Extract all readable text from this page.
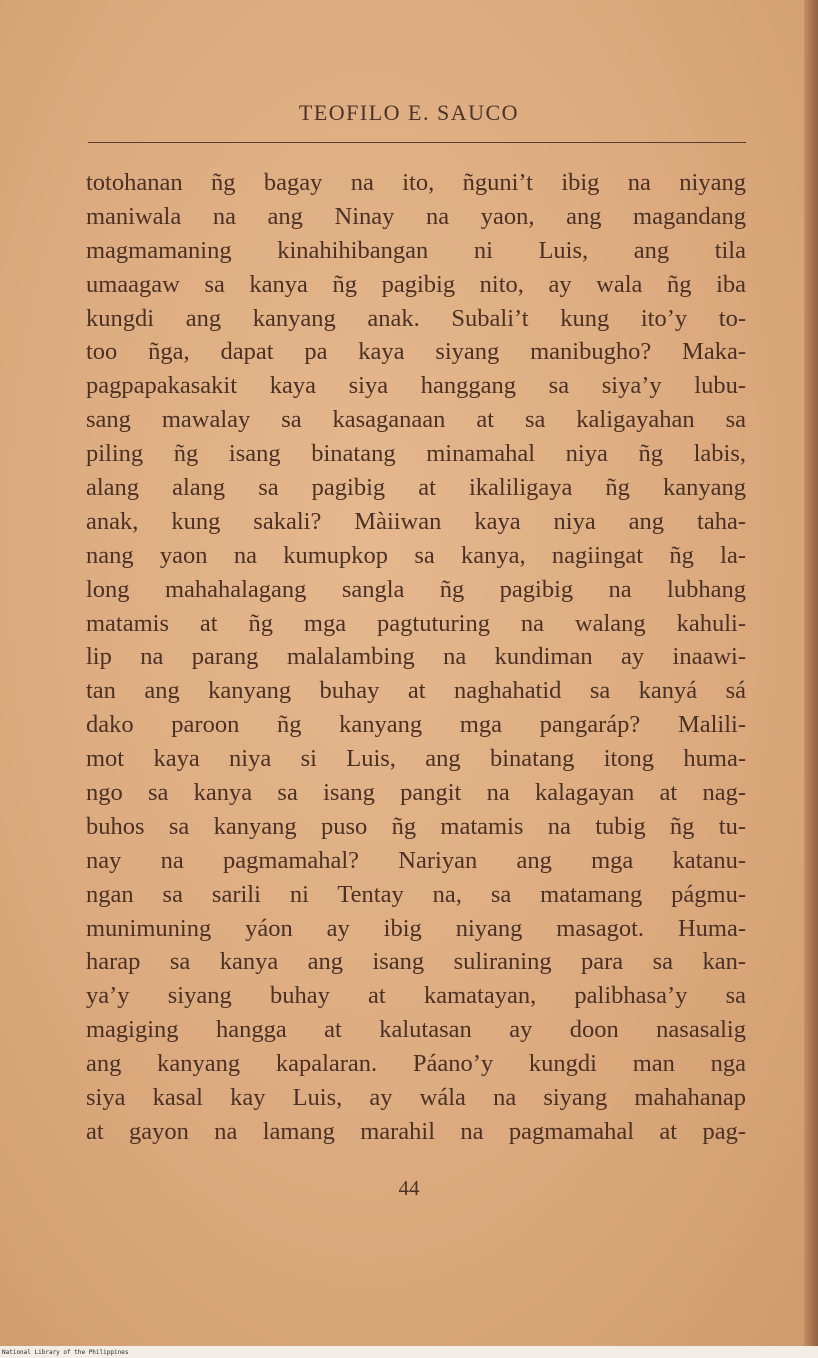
TEOFILO E. SAUCO
totohanan ñg bagay na ito, ñguni’t ibig na niyang
maniwala na ang Ninay na yaon, ang magandang
magmamaning kinahihibangan ni Luis, ang tila
umaagaw sa kanya ñg pagibig nito, ay wala ñg iba
kungdi ang kanyang anak. Subali’t kung ito’y to-
too ñga, dapat pa kaya siyang manibugho? Maka-
pagpapakasakit kaya siya hanggang sa siya’y lubu-
sang mawalay sa kasaganaan at sa kaligayahan sa
piling ñg isang binatang minamahal niya ñg labis,
alang alang sa pagibig at ikaliligaya ñg kanyang
anak, kung sakali? Màiiwan kaya niya ang taha-
nang yaon na kumupkop sa kanya, nagiingat ñg la-
long mahahalagang sangla ñg pagibig na lubhang
matamis at ñg mga pagtuturing na walang kahuli-
lip na parang malalambing na kundiman ay inaawi-
tan ang kanyang buhay at naghahatid sa kanyá sá
dako paroon ñg kanyang mga pangaráp? Malili-
mot kaya niya si Luis, ang binatang itong huma-
ngo sa kanya sa isang pangit na kalagayan at nag-
buhos sa kanyang puso ñg matamis na tubig ñg tu-
nay na pagmamahal? Nariyan ang mga katanu-
ngan sa sarili ni Tentay na, sa matamang págmu-
munimuning yáon ay ibig niyang masagot. Huma-
harap sa kanya ang isang suliraning para sa kan-
ya’y siyang buhay at kamatayan, palibhasa’y sa
magiging hangga at kalutasan ay doon nasasalig
ang kanyang kapalaran. Páano’y kungdi man nga
siya kasal kay Luis, ay wála na siyang mahahanap
at gayon na lamang marahil na pagmamahal at pag-
44
National Library of the Philippines
